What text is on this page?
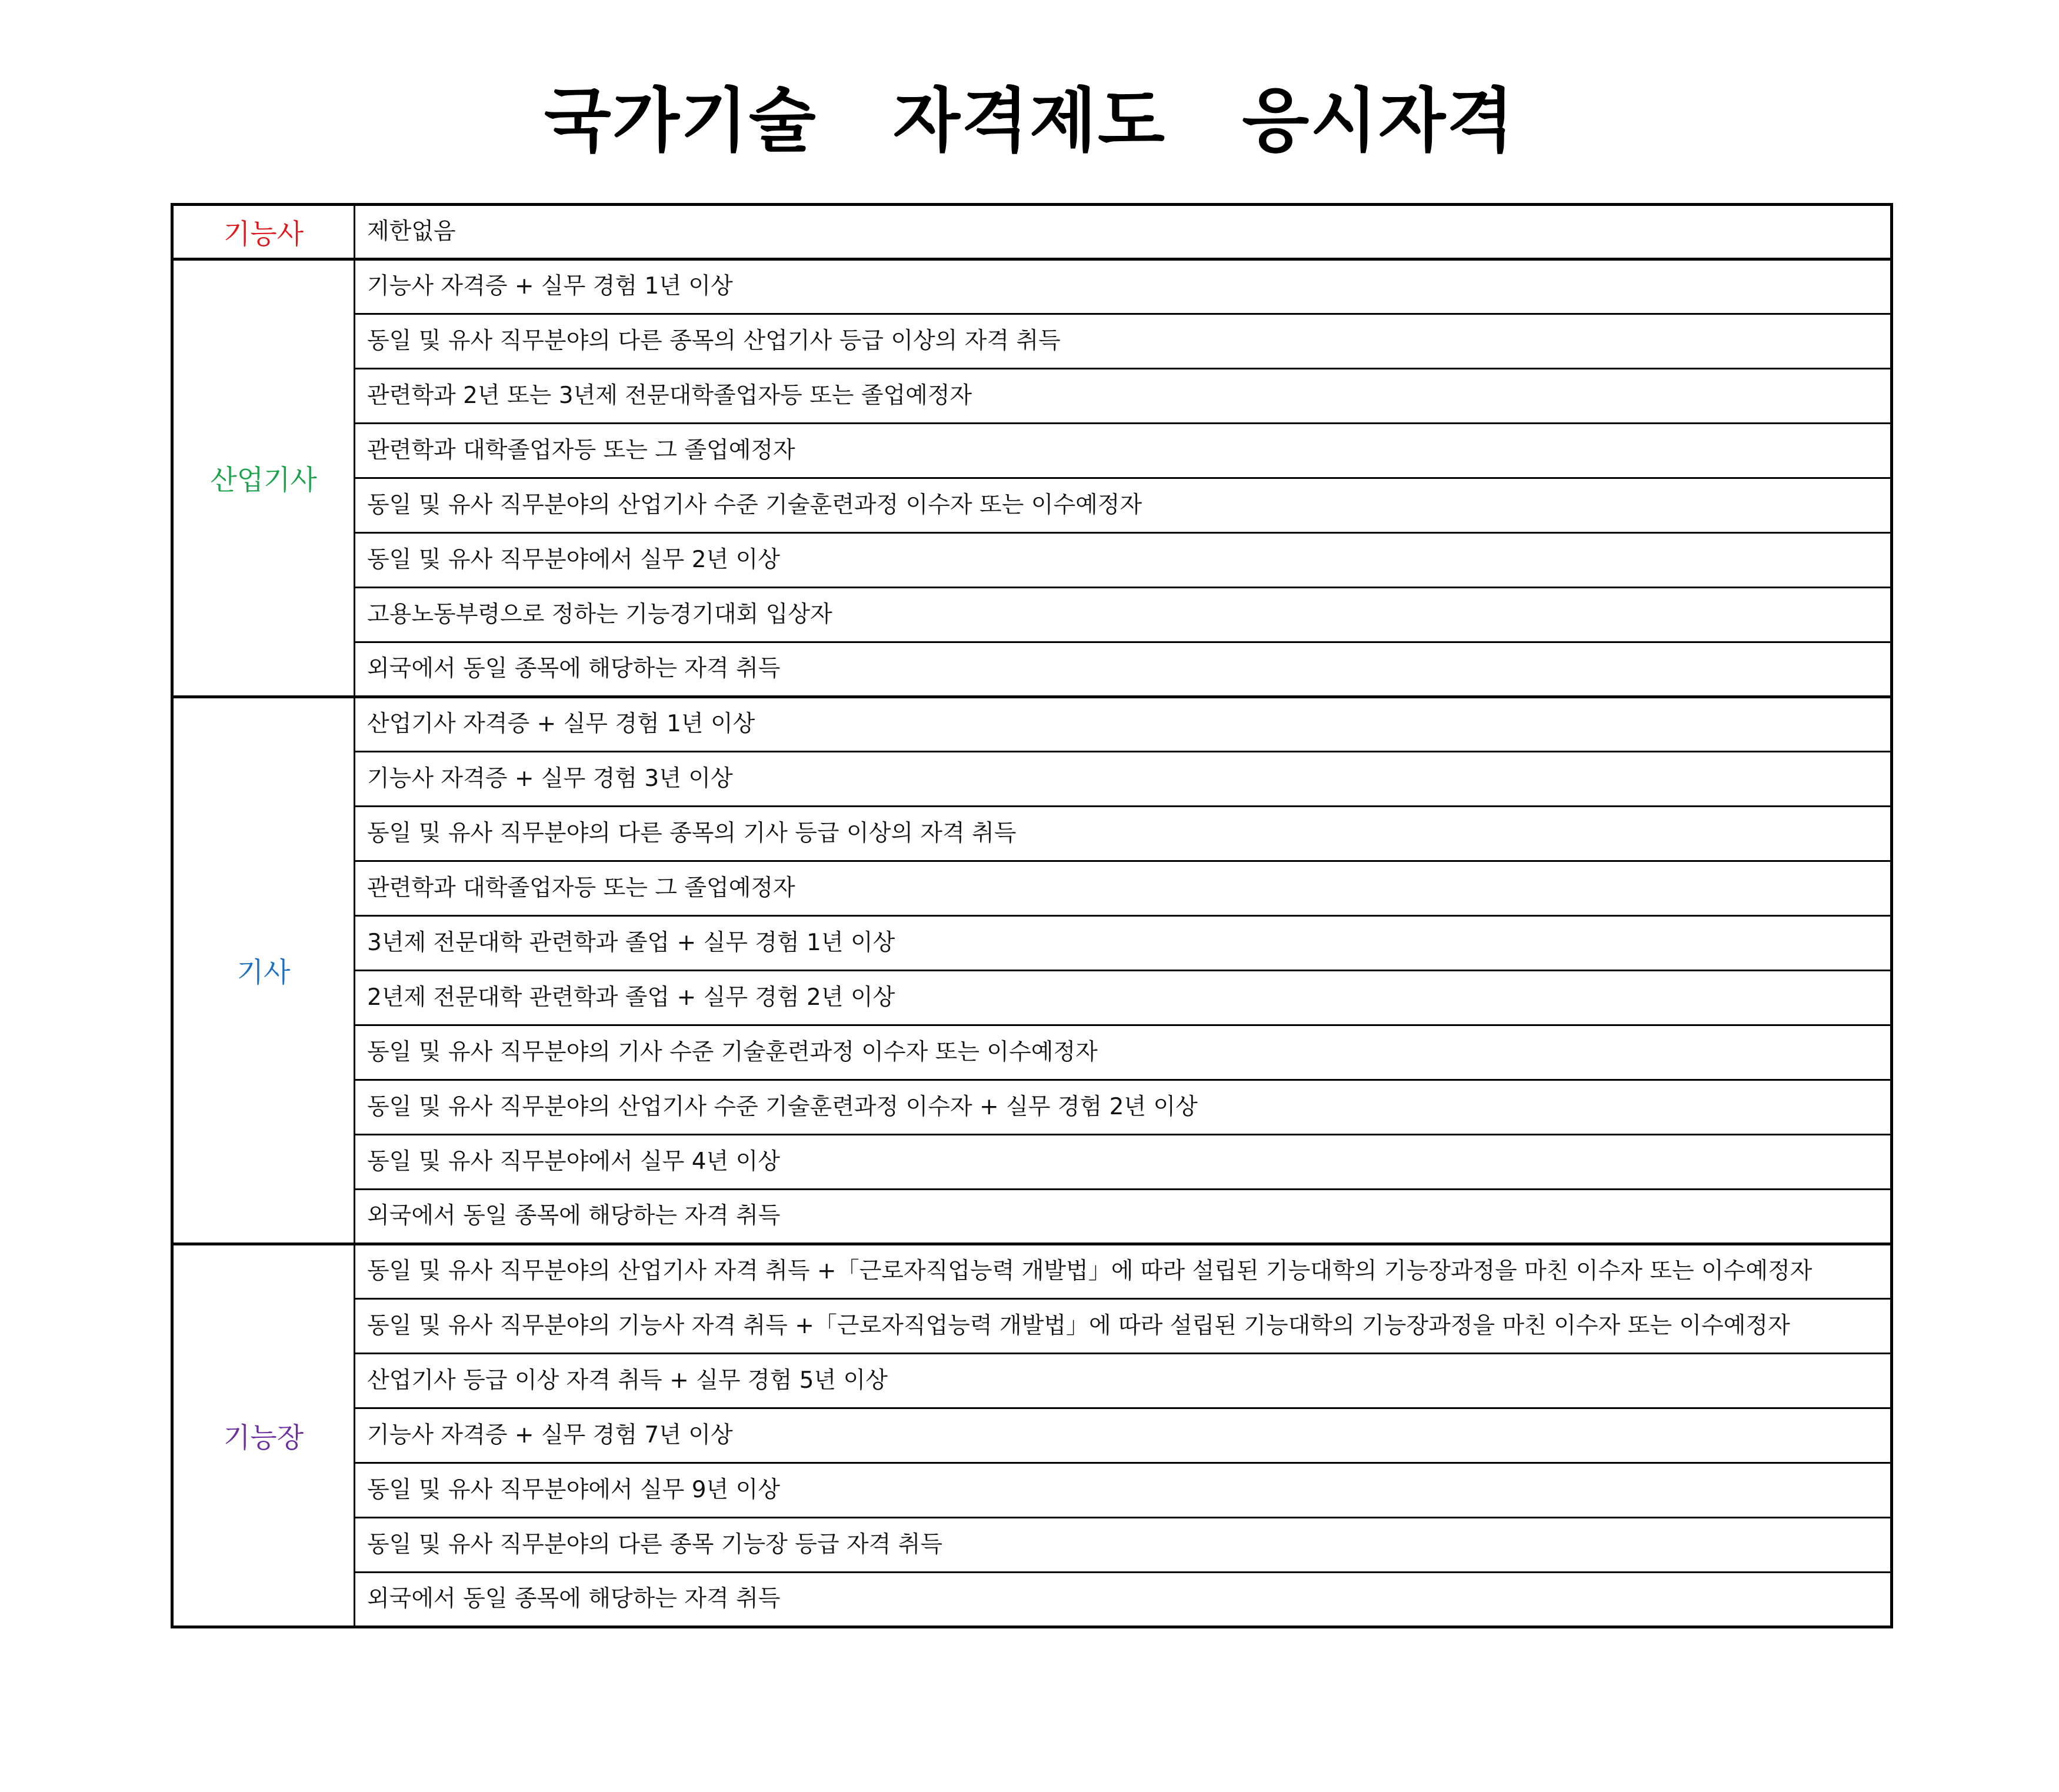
국가기술   자격제도   응시자격
기능사	제한없음
산업기사	기능사 자격증 + 실무 경험 1년 이상
	동일 및 유사 직무분야의 다른 종목의 산업기사 등급 이상의 자격 취득
	관련학과 2년 또는 3년제 전문대학졸업자등 또는 졸업예정자
	관련학과 대학졸업자등 또는 그 졸업예정자
	동일 및 유사 직무분야의 산업기사 수준 기술훈련과정 이수자 또는 이수예정자
	동일 및 유사 직무분야에서 실무 2년 이상
	고용노동부령으로 정하는 기능경기대회 입상자
	외국에서 동일 종목에 해당하는 자격 취득
기사	산업기사 자격증 + 실무 경험 1년 이상
	기능사 자격증 + 실무 경험 3년 이상
	동일 및 유사 직무분야의 다른 종목의 기사 등급 이상의 자격 취득
	관련학과 대학졸업자등 또는 그 졸업예정자
	3년제 전문대학 관련학과 졸업 + 실무 경험 1년 이상
	2년제 전문대학 관련학과 졸업 + 실무 경험 2년 이상
	동일 및 유사 직무분야의 기사 수준 기술훈련과정 이수자 또는 이수예정자
	동일 및 유사 직무분야의 산업기사 수준 기술훈련과정 이수자 + 실무 경험 2년 이상
	동일 및 유사 직무분야에서 실무 4년 이상
	외국에서 동일 종목에 해당하는 자격 취득
기능장	동일 및 유사 직무분야의 산업기사 자격 취득 +「근로자직업능력 개발법」에 따라 설립된 기능대학의 기능장과정을 마친 이수자 또는 이수예정자
	동일 및 유사 직무분야의 기능사 자격 취득 +「근로자직업능력 개발법」에 따라 설립된 기능대학의 기능장과정을 마친 이수자 또는 이수예정자
	산업기사 등급 이상 자격 취득 + 실무 경험 5년 이상
	기능사 자격증 + 실무 경험 7년 이상
	동일 및 유사 직무분야에서 실무 9년 이상
	동일 및 유사 직무분야의 다른 종목 기능장 등급 자격 취득
	외국에서 동일 종목에 해당하는 자격 취득
